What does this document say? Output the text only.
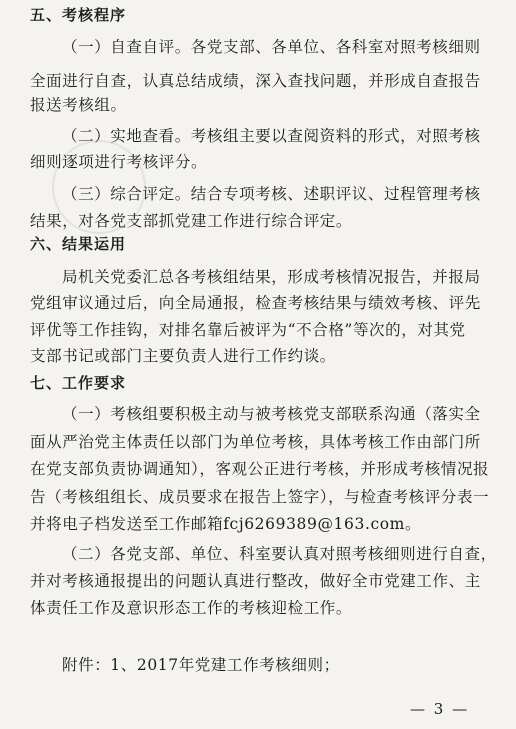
五、考核程序
（一）自查自评。各党支部、各单位、各科室对照考核细则
全面进行自查，认真总结成绩，深入查找问题，并形成自查报告
报送考核组。
（二）实地查看。考核组主要以查阅资料的形式，对照考核
细则逐项进行考核评分。
（三）综合评定。结合专项考核、述职评议、过程管理考核
结果，对各党支部抓党建工作进行综合评定。
六、结果运用
局机关党委汇总各考核组结果，形成考核情况报告，并报局
党组审议通过后，向全局通报，检查考核结果与绩效考核、评先
评优等工作挂钩，对排名靠后被评为“不合格”等次的，对其党
支部书记或部门主要负责人进行工作约谈。
七、工作要求
（一）考核组要积极主动与被考核党支部联系沟通（落实全
面从严治党主体责任以部门为单位考核，具体考核工作由部门所
在党支部负责协调通知），客观公正进行考核，并形成考核情况报
告（考核组组长、成员要求在报告上签字），与检查考核评分表一
并将电子档发送至工作邮箱fcj6269389@163.com。
（二）各党支部、单位、科室要认真对照考核细则进行自查，
并对考核通报提出的问题认真进行整改，做好全市党建工作、主
体责任工作及意识形态工作的考核迎检工作。
附件：1、2017年党建工作考核细则；
— 3 —
